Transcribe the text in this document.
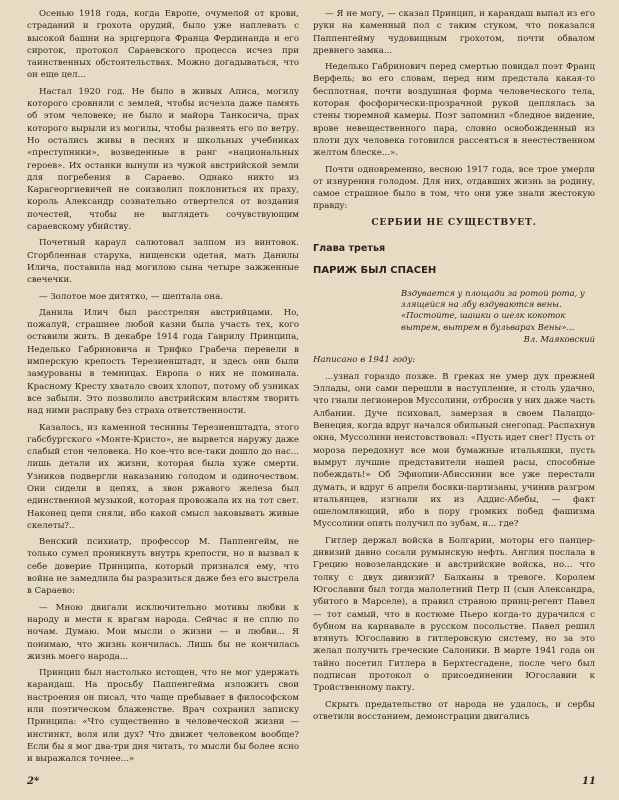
Осенью 1918 года, когда Европе, очумелой от крови, страданий и грохота орудий, было уже наплевать с высокой башни на эрцгерцога Франца Фердинанда и его сироток, протокол Сараевского процесса исчез при таинственных обстоятельствах. Можно догадываться, что он еще цел...

Настал 1920 год. Не было в живых Аписа, могилу которого сровняли с землей, чтобы исчезла даже память об этом человеке; не было и майора Танкосича, прах которого вырыли из могилы, чтобы развеять его по ветру. Но остались живы в песнях и школьных учебниках «преступники», возведенные в ранг «национальных героев». Их останки вынули из чужой австрийской земли для погребения в Сараево. Однако никто из Карагеоргиевичей не соизволил поклониться их праху, король Александр сознательно отвертелся от воздания почестей, чтобы не выглядеть сочувствующим сараевскому убийству.

Почетный караул салютовал залпом из винтовок. Сгорбленная старуха, нищенски одетая, мать Данилы Илича, поставила над могилою сына четыре зажженные свечечки.

— Золотое мое дитятко, — шептала она.

Данила Илич был расстрелян австрийцами. Но, пожалуй, страшнее любой казни была участь тех, кого оставили жить. В декабре 1914 года Гаврилу Принципа, Неделько Габриновича и Трифко Грабеча перевели в имперскую крепость Терезиенштадт, и здесь они были замурованы в темницах. Европа о них не поминала. Красному Кресту хватало своих хлопот, потому об узниках все забыли. Это позволило австрийским властям творить над ними расправу без страха ответственности.

Казалось, из каменной теснины Терезиенштадта, этого габсбургского «Монте-Кристо», не вырвется наружу даже слабый стон человека. Но кое-что все-таки дошло до нас... лишь детали их жизни, которая была хуже смерти. Узников подвергли наказанию голодом и одиночеством. Они сидели в цепях, а звон ржавого железа был единственной музыкой, которая провожала их на тот свет. Наконец цепи сняли, ибо какой смысл заковывать живые скелеты?..

Венский психиатр, профессор М. Паппенгейм, не только сумел проникнуть внутрь крепости, но и вызвал к себе доверие Принципа, который признался ему, что война не замедлила бы разразиться даже без его выстрела в Сараево:

— Мною двигали исключительно мотивы любви к народу и мести к врагам народа. Сейчас я не сплю по ночам. Думаю. Мои мысли о жизни — и любви... Я понимаю, что жизнь кончилась. Лишь бы не кончилась жизнь моего народа...

Принцип был настолько истощен, что не мог удержать карандаш. На просьбу Паппенгейма изложить свои настроения он писал, что чаще пребывает в философском или поэтическом блаженстве. Врач сохранил записку Принципа: «Что существенно в человеческой жизни — инстинкт, воля или дух? Что движет человеком вообще? Если бы я мог два-три дня читать, то мысли бы более ясно и выражался точнее...»

— Я не могу, — сказал Принцип, и карандаш выпал из его руки на каменный пол с таким стуком, что показался Паппенгейму чудовищным грохотом, почти обвалом древнего замка...

Неделько Габринович перед смертью повидал поэт Франц Верфель; во его словам, перед ним предстала какая-то бесплотная, почти воздушная форма человеческого тела, которая фосфорически-прозрачной рукой цеплялась за стены тюремной камеры. Поэт запомнил «бледное видение, врове невещественного пара, словно освобожденный из плоти дух человека готовился рассеяться в неестественном желтом блеске...».

Почти одновременно, весною 1917 года, все трое умерли от изнурения голодом. Для них, отдавших жизнь за родину, самое страшное было в том, что они уже знали жестокую правду:

СЕРБИИ НЕ СУЩЕСТВУЕТ.

Глава третья
ПАРИЖ БЫЛ СПАСЕН
Вздувается у площади за ротой рота, у злящейся на лбу вздуваются вены. «Постойте, шашки о шелк кокоток вытрем, вытрем в бульварах Вены»...
Вл. Маяковский

Написано в 1941 году:

...узнал гораздо позже. В греках не умер дух прежней Эллады, они сами перешли в наступление, и столь удачно, что гнали легионеров Муссолини, отбросив у них даже часть Албании. Дуче психовал, замерзая в своем Палаццо-Венеция, когда вдруг начался обильный снегопад. Распахнув окна, Муссолини неистовствовал: «Пусть идет снег! Пусть от мороза передохнут все мои бумажные итальяшки, пусть вымрут лучшие представители нашей расы, способные побеждать!» Об Эфиопии-Абиссинии все уже перестали думать, и вдруг 6 апреля босяки-партизаны, учинив разгром итальянцев, изгнали их из Аддис-Абебы, — факт ошеломляющий, ибо в пору громких побед фашизма Муссолини опять получил по зубам, и... где?

Гитлер держал войска в Болгарии, моторы его панцер-дивизий давно сосали румынскую нефть. Англия послала в Грецию новозеландские и австрийские войска, но... что толку с двух дивизий? Балканы в тревоге. Королем Югославии был тогда малолетний Петр II (сын Александра, убитого в Марселе), а правил страною принц-регент Павел — тот самый, что в костюме Пьеро когда-то дурачился с бубном на карнавале в русском посольстве. Павел решил втянуть Югославию в гитлеровскую систему, но за это желал получить греческие Салоники. В марте 1941 года он тайно посетил Гитлера в Берхтесгадене, после чего был подписан протокол о присоединении Югославии к Тройственному пакту.

Скрыть предательство от народа не удалось, и сербы ответили восстанием, демонстрации двигались

2*	11
